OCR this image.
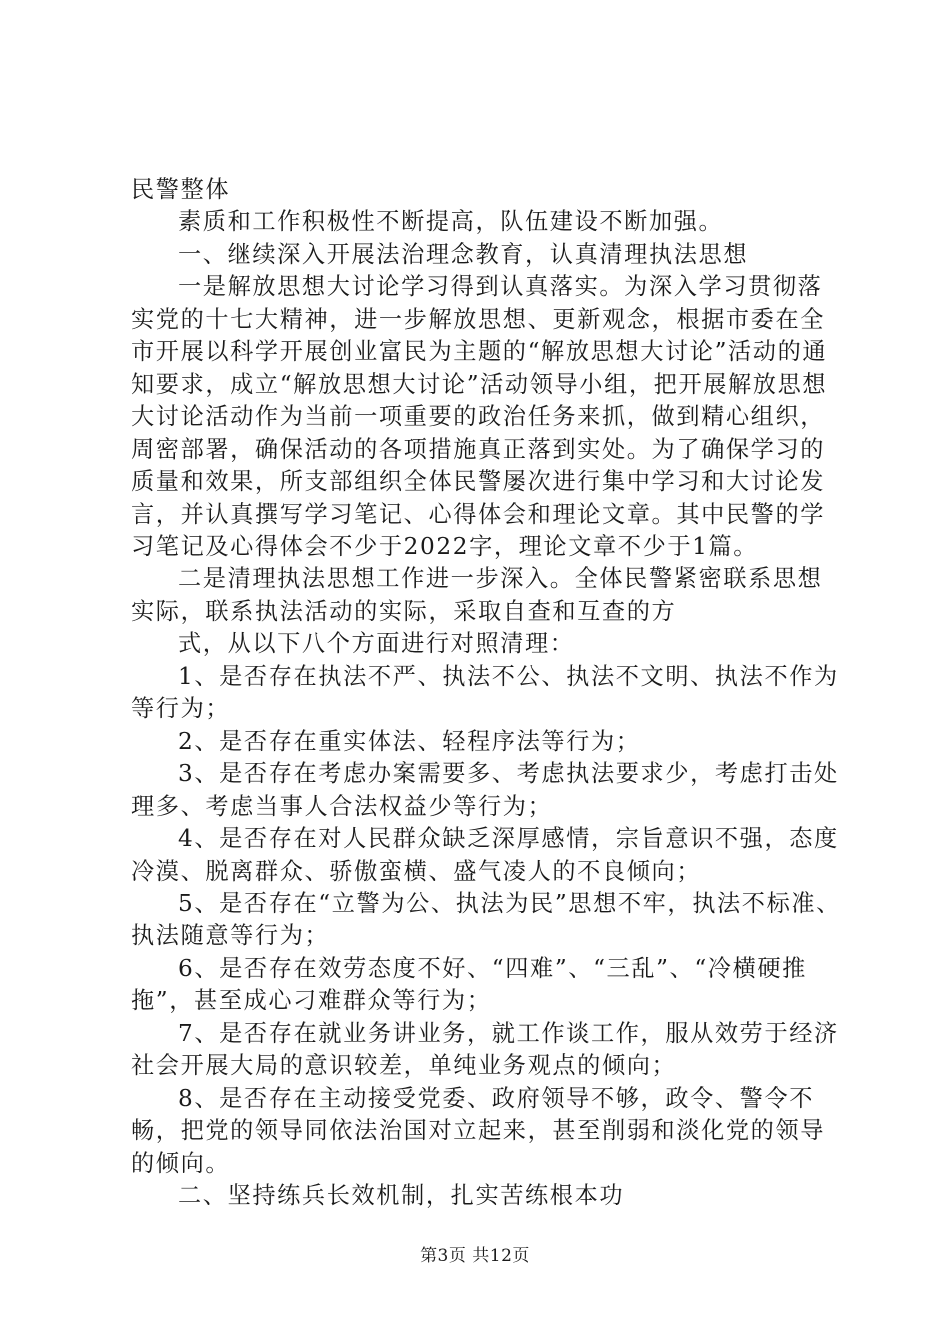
民警整体

素质和工作积极性不断提高，队伍建设不断加强。

一、继续深入开展法治理念教育，认真清理执法思想

一是解放思想大讨论学习得到认真落实。为深入学习贯彻落实党的十七大精神，进一步解放思想、更新观念，根据市委在全市开展以科学开展创业富民为主题的“解放思想大讨论”活动的通知要求，成立“解放思想大讨论”活动领导小组，把开展解放思想大讨论活动作为当前一项重要的政治任务来抓，做到精心组织，周密部署，确保活动的各项措施真正落到实处。为了确保学习的质量和效果，所支部组织全体民警屡次进行集中学习和大讨论发言，并认真撰写学习笔记、心得体会和理论文章。其中民警的学习笔记及心得体会不少于2022字，理论文章不少于1篇。

二是清理执法思想工作进一步深入。全体民警紧密联系思想实际，联系执法活动的实际，采取自查和互查的方

式，从以下八个方面进行对照清理：

1、是否存在执法不严、执法不公、执法不文明、执法不作为等行为；

2、是否存在重实体法、轻程序法等行为；

3、是否存在考虑办案需要多、考虑执法要求少，考虑打击处理多、考虑当事人合法权益少等行为；

4、是否存在对人民群众缺乏深厚感情，宗旨意识不强，态度冷漠、脱离群众、骄傲蛮横、盛气凌人的不良倾向；

5、是否存在“立警为公、执法为民”思想不牢，执法不标准、执法随意等行为；

6、是否存在效劳态度不好、“四难”、“三乱”、“冷横硬推拖”，甚至成心刁难群众等行为；

7、是否存在就业务讲业务，就工作谈工作，服从效劳于经济社会开展大局的意识较差，单纯业务观点的倾向；

8、是否存在主动接受党委、政府领导不够，政令、警令不畅，把党的领导同依法治国对立起来，甚至削弱和淡化党的领导的倾向。

二、坚持练兵长效机制，扎实苦练根本功

第3页 共12页
